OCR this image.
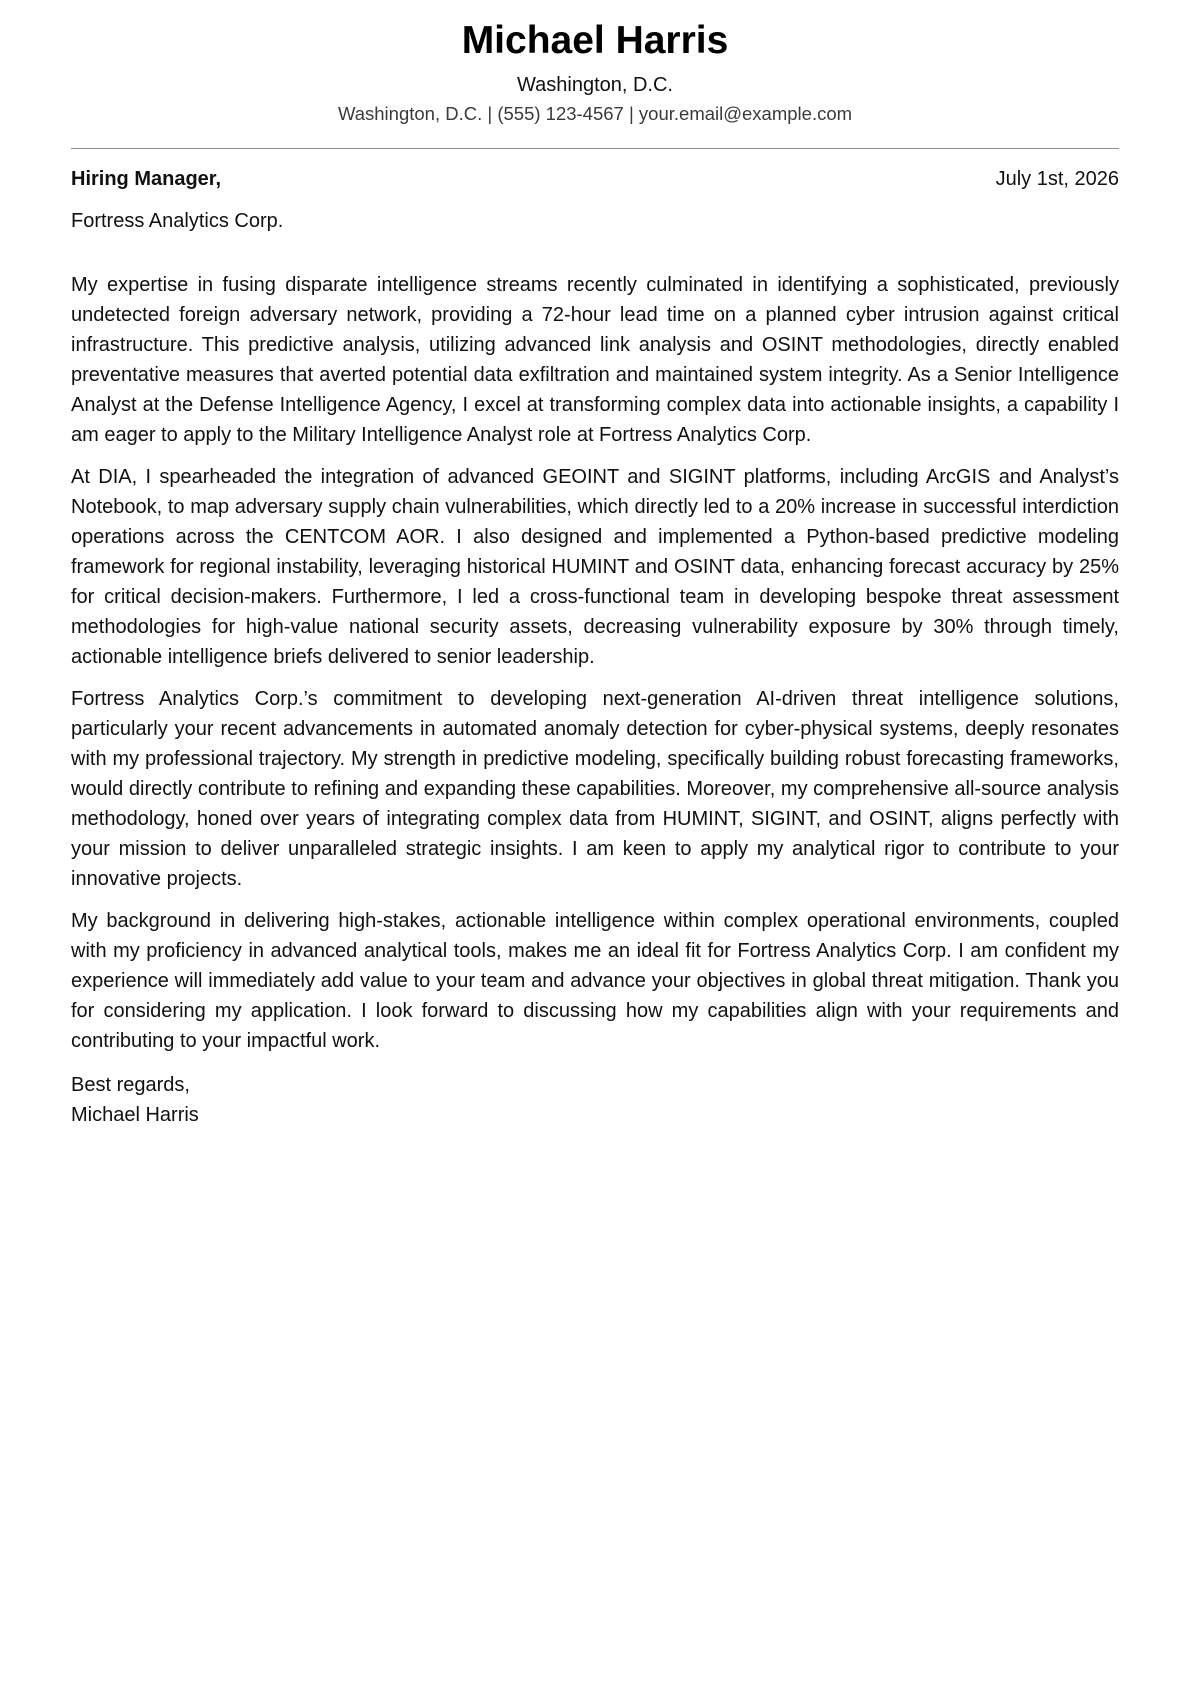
Michael Harris
Washington, D.C.
Washington, D.C. | (555) 123-4567 | your.email@example.com
Hiring Manager,	July 1st, 2026
Fortress Analytics Corp.

My expertise in fusing disparate intelligence streams recently culminated in identifying a sophisticated, previously undetected foreign adversary network, providing a 72-hour lead time on a planned cyber intrusion against critical infrastructure. This predictive analysis, utilizing advanced link analysis and OSINT methodologies, directly enabled preventative measures that averted potential data exfiltration and maintained system integrity. As a Senior Intelligence Analyst at the Defense Intelligence Agency, I excel at transforming complex data into actionable insights, a capability I am eager to apply to the Military Intelligence Analyst role at Fortress Analytics Corp.

At DIA, I spearheaded the integration of advanced GEOINT and SIGINT platforms, including ArcGIS and Analyst’s Notebook, to map adversary supply chain vulnerabilities, which directly led to a 20% increase in successful interdiction operations across the CENTCOM AOR. I also designed and implemented a Python-based predictive modeling framework for regional instability, leveraging historical HUMINT and OSINT data, enhancing forecast accuracy by 25% for critical decision-makers. Furthermore, I led a cross-functional team in developing bespoke threat assessment methodologies for high-value national security assets, decreasing vulnerability exposure by 30% through timely, actionable intelligence briefs delivered to senior leadership.

Fortress Analytics Corp.’s commitment to developing next-generation AI-driven threat intelligence solutions, particularly your recent advancements in automated anomaly detection for cyber-physical systems, deeply resonates with my professional trajectory. My strength in predictive modeling, specifically building robust forecasting frameworks, would directly contribute to refining and expanding these capabilities. Moreover, my comprehensive all-source analysis methodology, honed over years of integrating complex data from HUMINT, SIGINT, and OSINT, aligns perfectly with your mission to deliver unparalleled strategic insights. I am keen to apply my analytical rigor to contribute to your innovative projects.

My background in delivering high-stakes, actionable intelligence within complex operational environments, coupled with my proficiency in advanced analytical tools, makes me an ideal fit for Fortress Analytics Corp. I am confident my experience will immediately add value to your team and advance your objectives in global threat mitigation. Thank you for considering my application. I look forward to discussing how my capabilities align with your requirements and contributing to your impactful work.

Best regards,
Michael Harris
